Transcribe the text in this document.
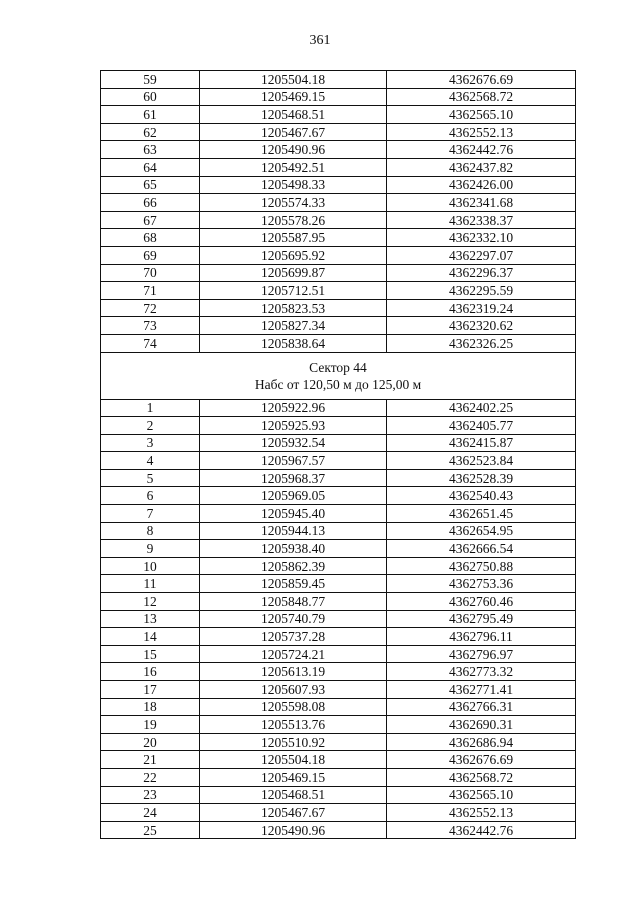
361
59	1205504.18	4362676.69
60	1205469.15	4362568.72
61	1205468.51	4362565.10
62	1205467.67	4362552.13
63	1205490.96	4362442.76
64	1205492.51	4362437.82
65	1205498.33	4362426.00
66	1205574.33	4362341.68
67	1205578.26	4362338.37
68	1205587.95	4362332.10
69	1205695.92	4362297.07
70	1205699.87	4362296.37
71	1205712.51	4362295.59
72	1205823.53	4362319.24
73	1205827.34	4362320.62
74	1205838.64	4362326.25

Сектор 44
Набс от 120,50 м до 125,00 м		

1	1205922.96	4362402.25
2	1205925.93	4362405.77
3	1205932.54	4362415.87
4	1205967.57	4362523.84
5	1205968.37	4362528.39
6	1205969.05	4362540.43
7	1205945.40	4362651.45
8	1205944.13	4362654.95
9	1205938.40	4362666.54
10	1205862.39	4362750.88
11	1205859.45	4362753.36
12	1205848.77	4362760.46
13	1205740.79	4362795.49
14	1205737.28	4362796.11
15	1205724.21	4362796.97
16	1205613.19	4362773.32
17	1205607.93	4362771.41
18	1205598.08	4362766.31
19	1205513.76	4362690.31
20	1205510.92	4362686.94
21	1205504.18	4362676.69
22	1205469.15	4362568.72
23	1205468.51	4362565.10
24	1205467.67	4362552.13
25	1205490.96	4362442.76
